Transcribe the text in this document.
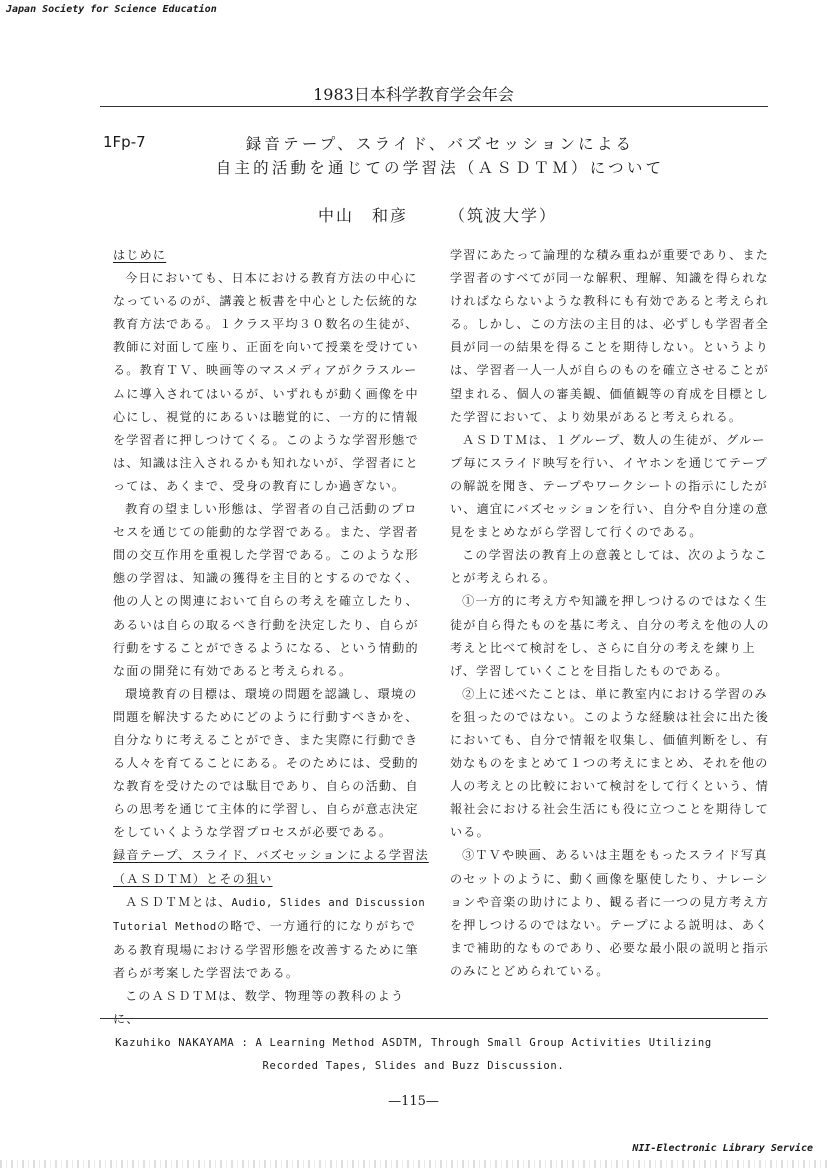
Japan Society for Science Education
1983日本科学教育学会年会
1Fp-7	録音テープ、スライド、バズセッションによる
自主的活動を通じての学習法（ＡＳＤＴＭ）について
中山　和彦	（筑波大学）

はじめに

今日においても、日本における教育方法の中心になっているのが、講義と板書を中心とした伝統的な教育方法である。１クラス平均３０数名の生徒が、教師に対面して座り、正面を向いて授業を受けている。教育ＴＶ、映画等のマスメディアがクラスルームに導入されてはいるが、いずれもが動く画像を中心にし、視覚的にあるいは聴覚的に、一方的に情報を学習者に押しつけてくる。このような学習形態では、知識は注入されるかも知れないが、学習者にとっては、あくまで、受身の教育にしか過ぎない。

教育の望ましい形態は、学習者の自己活動のプロセスを通じての能動的な学習である。また、学習者間の交互作用を重視した学習である。このような形態の学習は、知識の獲得を主目的とするのでなく、他の人との関連において自らの考えを確立したり、あるいは自らの取るべき行動を決定したり、自らが行動をすることができるようになる、という情動的な面の開発に有効であると考えられる。

環境教育の目標は、環境の問題を認識し、環境の問題を解決するためにどのように行動すべきかを、自分なりに考えることができ、また実際に行動できる人々を育てることにある。そのためには、受動的な教育を受けたのでは駄目であり、自らの活動、自らの思考を通じて主体的に学習し、自らが意志決定をしていくような学習プロセスが必要である。

録音テープ、スライド、バズセッションによる学習法（ＡＳＤＴＭ）とその狙い

ＡＳＤＴＭとは、Audio, Slides and Discussion Tutorial Methodの略で、一方通行的になりがちである教育現場における学習形態を改善するために筆者らが考案した学習法である。

このＡＳＤＴＭは、数学、物理等の教科のように、

学習にあたって論理的な積み重ねが重要であり、また学習者のすべてが同一な解釈、理解、知識を得られなければならないような教科にも有効であると考えられる。しかし、この方法の主目的は、必ずしも学習者全員が同一の結果を得ることを期待しない。というよりは、学習者一人一人が自らのものを確立させることが望まれる、個人の審美観、価値観等の育成を目標とした学習において、より効果があると考えられる。

ＡＳＤＴＭは、１グループ、数人の生徒が、グループ毎にスライド映写を行い、イヤホンを通じてテープの解説を聞き、テープやワークシートの指示にしたがい、適宜にバズセッションを行い、自分や自分達の意見をまとめながら学習して行くのである。

この学習法の教育上の意義としては、次のようなことが考えられる。

①一方的に考え方や知識を押しつけるのではなく生徒が自ら得たものを基に考え、自分の考えを他の人の考えと比べて検討をし、さらに自分の考えを練り上げ、学習していくことを目指したものである。

②上に述べたことは、単に教室内における学習のみを狙ったのではない。このような経験は社会に出た後においても、自分で情報を収集し、価値判断をし、有効なものをまとめて１つの考えにまとめ、それを他の人の考えとの比較において検討をして行くという、情報社会における社会生活にも役に立つことを期待している。

③ＴＶや映画、あるいは主題をもったスライド写真のセットのように、動く画像を駆使したり、ナレーションや音楽の助けにより、観る者に一つの見方考え方を押しつけるのではない。テープによる説明は、あくまで補助的なものであり、必要な最小限の説明と指示のみにとどめられている。

Kazuhiko NAKAYAMA : A Learning Method ASDTM, Through Small Group Activities Utilizing
Recorded Tapes, Slides and Buzz Discussion.
—115—
NII-Electronic Library Service
